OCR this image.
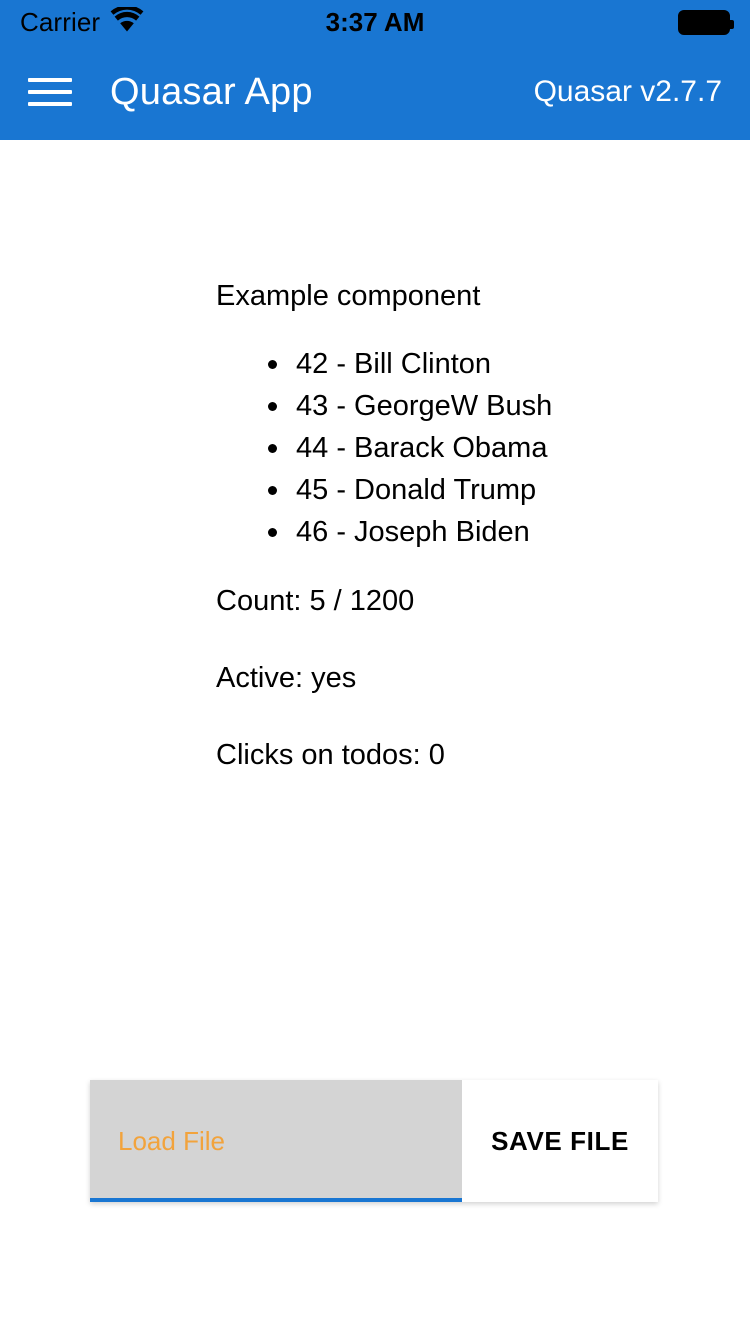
Carrier	3:37 AM
Quasar App	Quasar v2.7.7
Example component
42 - Bill Clinton
43 - GeorgeW Bush
44 - Barack Obama
45 - Donald Trump
46 - Joseph Biden
Count: 5 / 1200
Active: yes
Clicks on todos: 0
Load File	SAVE FILE
